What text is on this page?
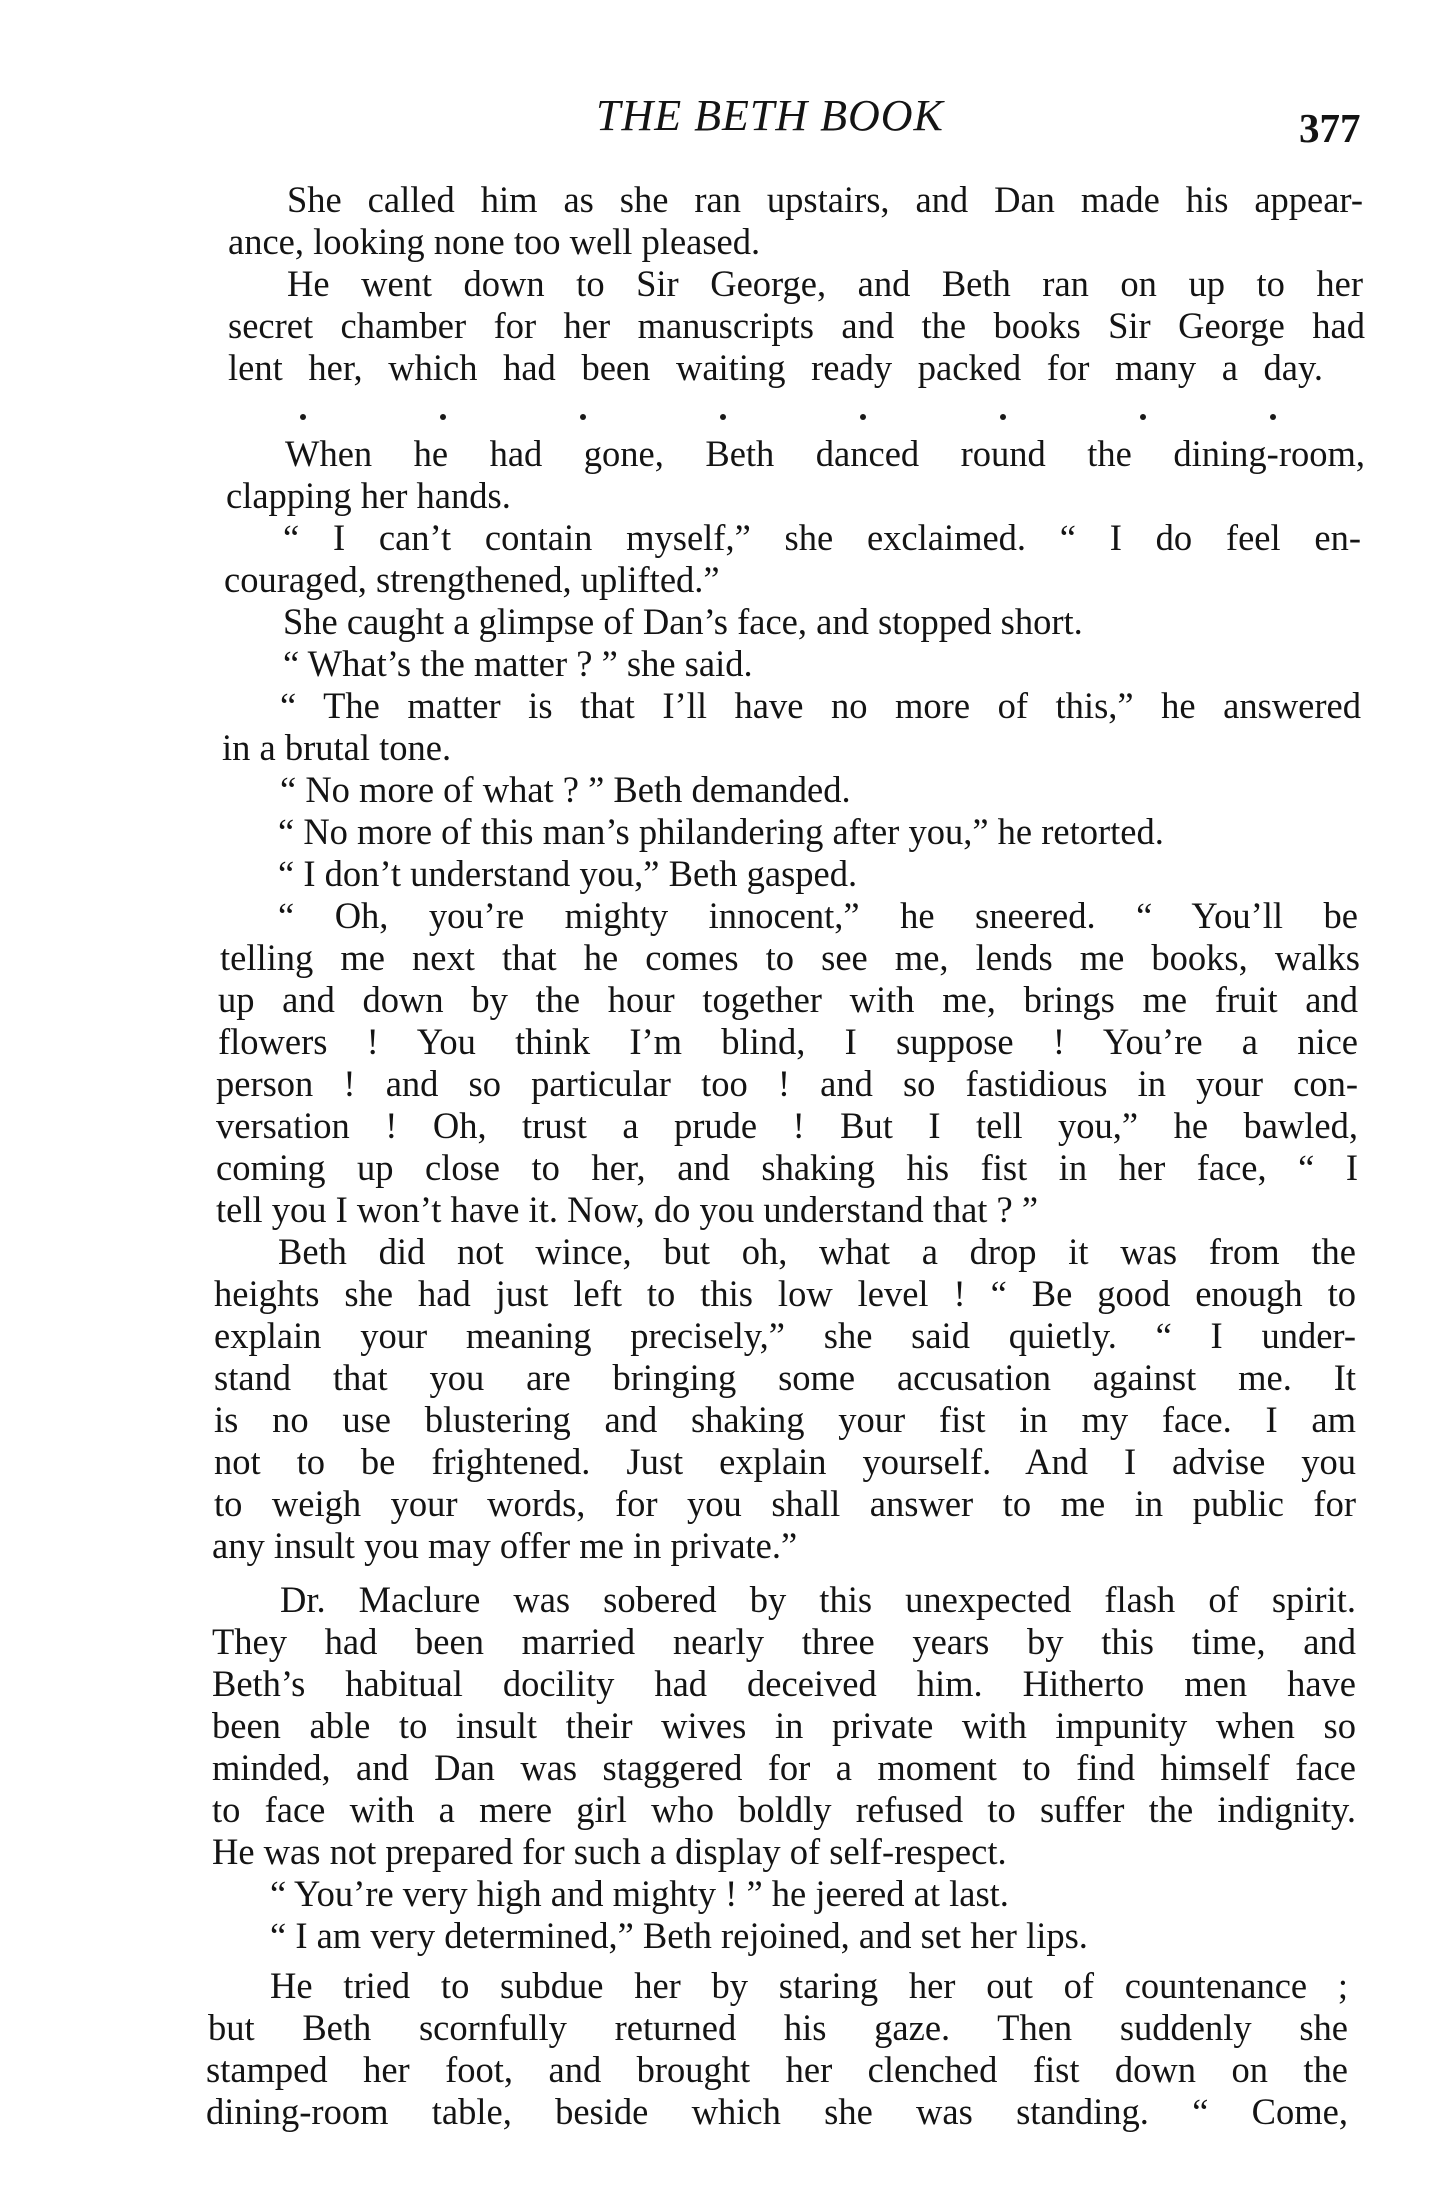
THE BETH BOOK	377
She called him as she ran upstairs, and Dan made his appear-
ance, looking none too well pleased.
He went down to Sir George, and Beth ran on up to her
secret chamber for her manuscripts and the books Sir George had
lent her, which had been waiting ready packed for many a day.
When he had gone, Beth danced round the dining-room,
clapping her hands.
“ I can’t contain myself,” she exclaimed. “ I do feel en-
couraged, strengthened, uplifted.”
She caught a glimpse of Dan’s face, and stopped short.
“ What’s the matter ? ” she said.
“ The matter is that I’ll have no more of this,” he answered
in a brutal tone.
“ No more of what ? ” Beth demanded.
“ No more of this man’s philandering after you,” he retorted.
“ I don’t understand you,” Beth gasped.
“ Oh, you’re mighty innocent,” he sneered. “ You’ll be
telling me next that he comes to see me, lends me books, walks
up and down by the hour together with me, brings me fruit and
flowers ! You think I’m blind, I suppose ! You’re a nice
person ! and so particular too ! and so fastidious in your con-
versation ! Oh, trust a prude ! But I tell you,” he bawled,
coming up close to her, and shaking his fist in her face, “ I
tell you I won’t have it. Now, do you understand that ? ”
Beth did not wince, but oh, what a drop it was from the
heights she had just left to this low level ! “ Be good enough to
explain your meaning precisely,” she said quietly. “ I under-
stand that you are bringing some accusation against me. It
is no use blustering and shaking your fist in my face. I am
not to be frightened. Just explain yourself. And I advise you
to weigh your words, for you shall answer to me in public for
any insult you may offer me in private.”
Dr. Maclure was sobered by this unexpected flash of spirit.
They had been married nearly three years by this time, and
Beth’s habitual docility had deceived him. Hitherto men have
been able to insult their wives in private with impunity when so
minded, and Dan was staggered for a moment to find himself face
to face with a mere girl who boldly refused to suffer the indignity.
He was not prepared for such a display of self-respect.
“ You’re very high and mighty ! ” he jeered at last.
“ I am very determined,” Beth rejoined, and set her lips.
He tried to subdue her by staring her out of countenance ;
but Beth scornfully returned his gaze. Then suddenly she
stamped her foot, and brought her clenched fist down on the
dining-room table, beside which she was standing. “ Come,
